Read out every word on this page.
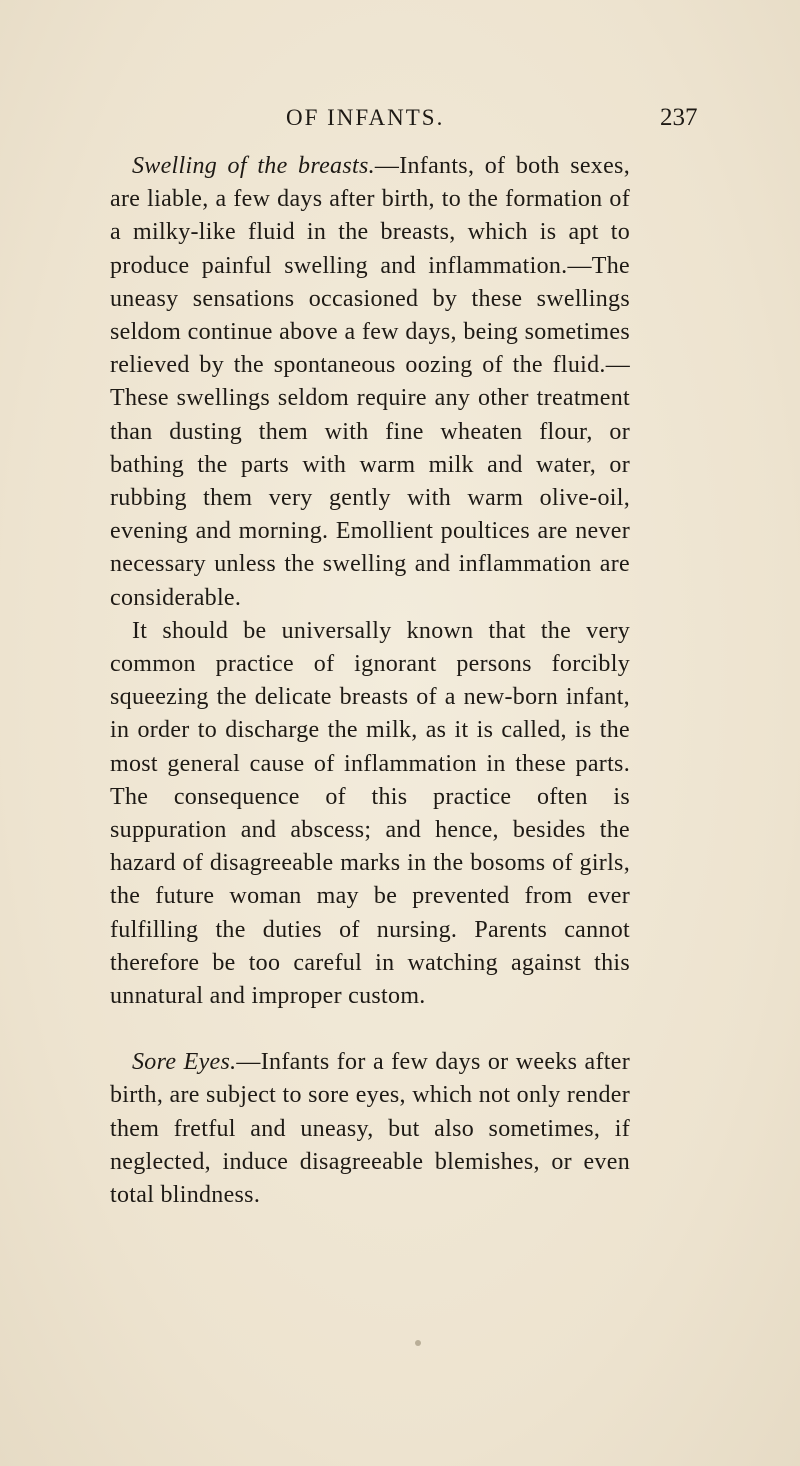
OF INFANTS.	237

Swelling of the breasts.—Infants, of both sexes, are liable, a few days after birth, to the formation of a milky-like fluid in the breasts, which is apt to produce painful swelling and inflammation.—The uneasy sensations occasioned by these swellings seldom continue above a few days, being sometimes relieved by the spontaneous oozing of the fluid.—These swellings seldom require any other treatment than dusting them with fine wheaten flour, or bathing the parts with warm milk and water, or rubbing them very gently with warm olive-oil, evening and morning. Emollient poultices are never necessary unless the swelling and inflammation are considerable.

It should be universally known that the very common practice of ignorant persons forcibly squeezing the delicate breasts of a new-born infant, in order to discharge the milk, as it is called, is the most general cause of inflammation in these parts. The consequence of this practice often is suppuration and abscess; and hence, besides the hazard of disagreeable marks in the bosoms of girls, the future woman may be prevented from ever fulfilling the duties of nursing. Parents cannot therefore be too careful in watching against this unnatural and improper custom.

Sore Eyes.—Infants for a few days or weeks after birth, are subject to sore eyes, which not only render them fretful and uneasy, but also sometimes, if neglected, induce disagreeable blemishes, or even total blindness.
